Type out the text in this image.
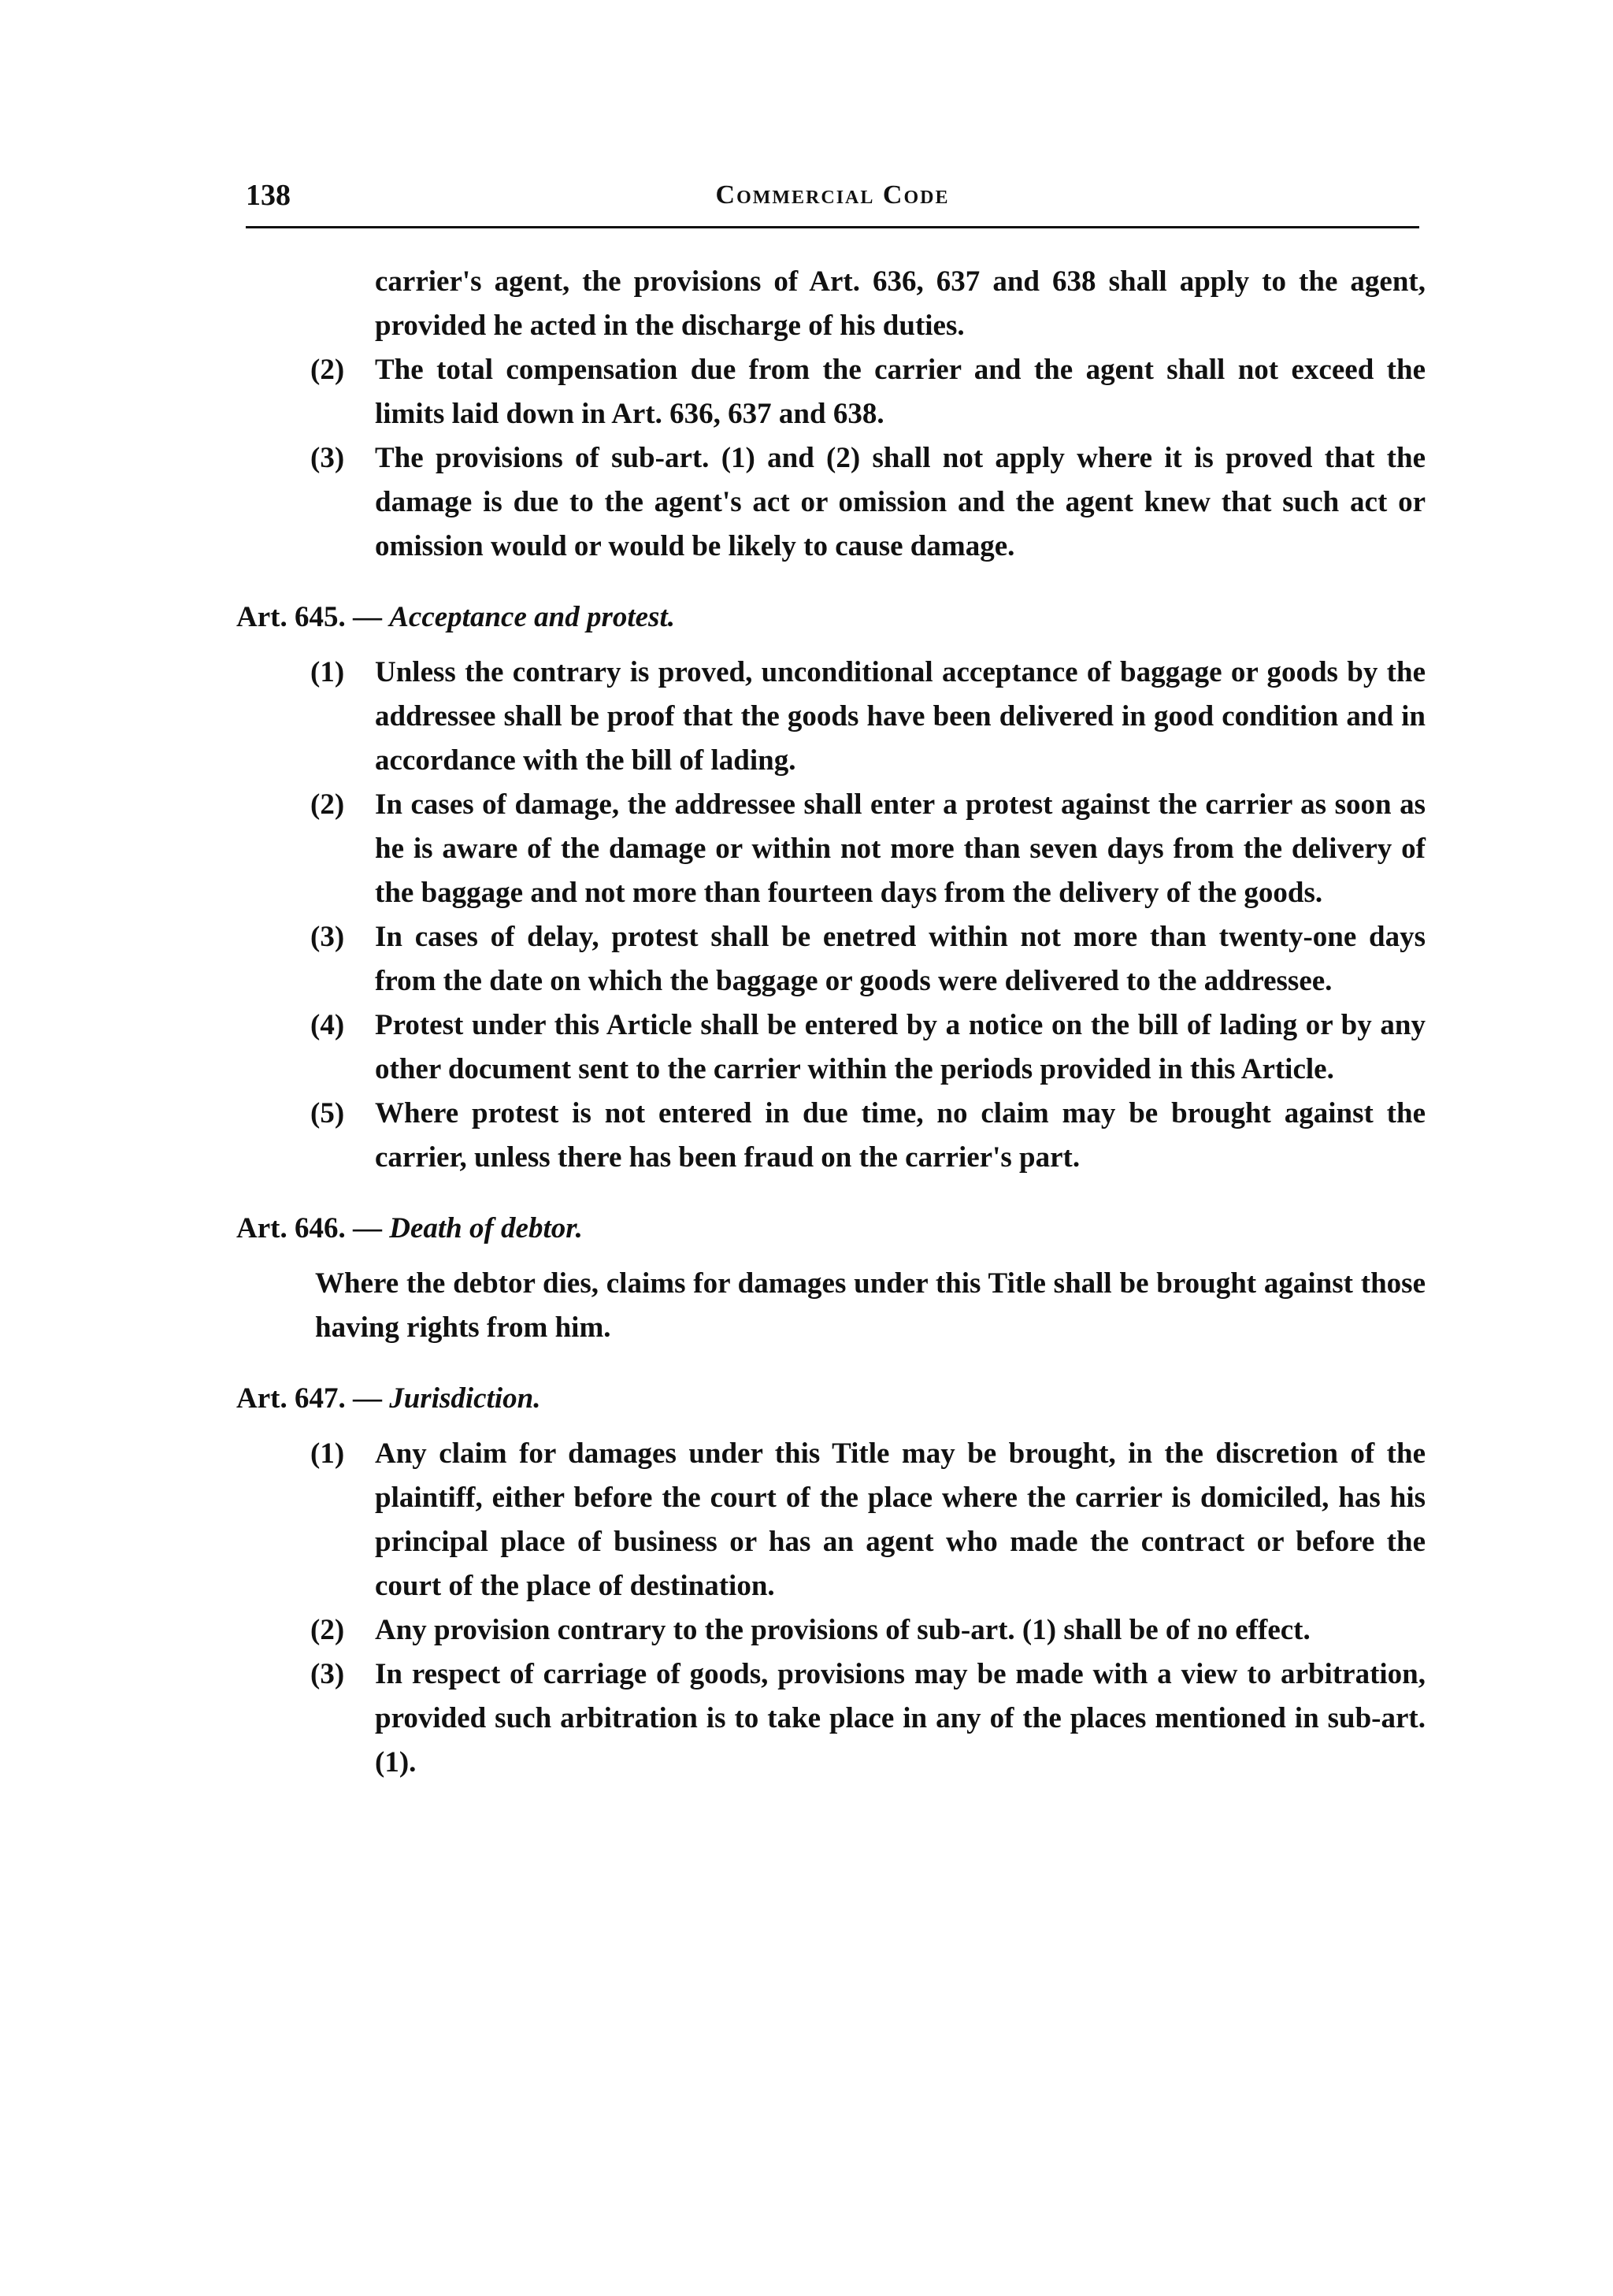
138	Commercial Code

carrier's agent, the provisions of Art. 636, 637 and 638 shall apply to the agent, provided he acted in the discharge of his duties.

(2) The total compensation due from the carrier and the agent shall not exceed the limits laid down in Art. 636, 637 and 638.
(3) The provisions of sub-art. (1) and (2) shall not apply where it is proved that the damage is due to the agent's act or omission and the agent knew that such act or omission would or would be likely to cause damage.
Art. 645. — Acceptance and protest.
(1) Unless the contrary is proved, unconditional acceptance of baggage or goods by the addressee shall be proof that the goods have been delivered in good condition and in accordance with the bill of lading.
(2) In cases of damage, the addressee shall enter a protest against the carrier as soon as he is aware of the damage or within not more than seven days from the delivery of the baggage and not more than fourteen days from the delivery of the goods.
(3) In cases of delay, protest shall be enetred within not more than twenty-one days from the date on which the baggage or goods were delivered to the addressee.
(4) Protest under this Article shall be entered by a notice on the bill of lading or by any other document sent to the carrier within the periods provided in this Article.
(5) Where protest is not entered in due time, no claim may be brought against the carrier, unless there has been fraud on the carrier's part.
Art. 646. — Death of debtor.

Where the debtor dies, claims for damages under this Title shall be brought against those having rights from him.

Art. 647. — Jurisdiction.
(1) Any claim for damages under this Title may be brought, in the discretion of the plaintiff, either before the court of the place where the carrier is domiciled, has his principal place of business or has an agent who made the contract or before the court of the place of destination.
(2) Any provision contrary to the provisions of sub-art. (1) shall be of no effect.
(3) In respect of carriage of goods, provisions may be made with a view to arbitration, provided such arbitration is to take place in any of the places mentioned in sub-art. (1).
